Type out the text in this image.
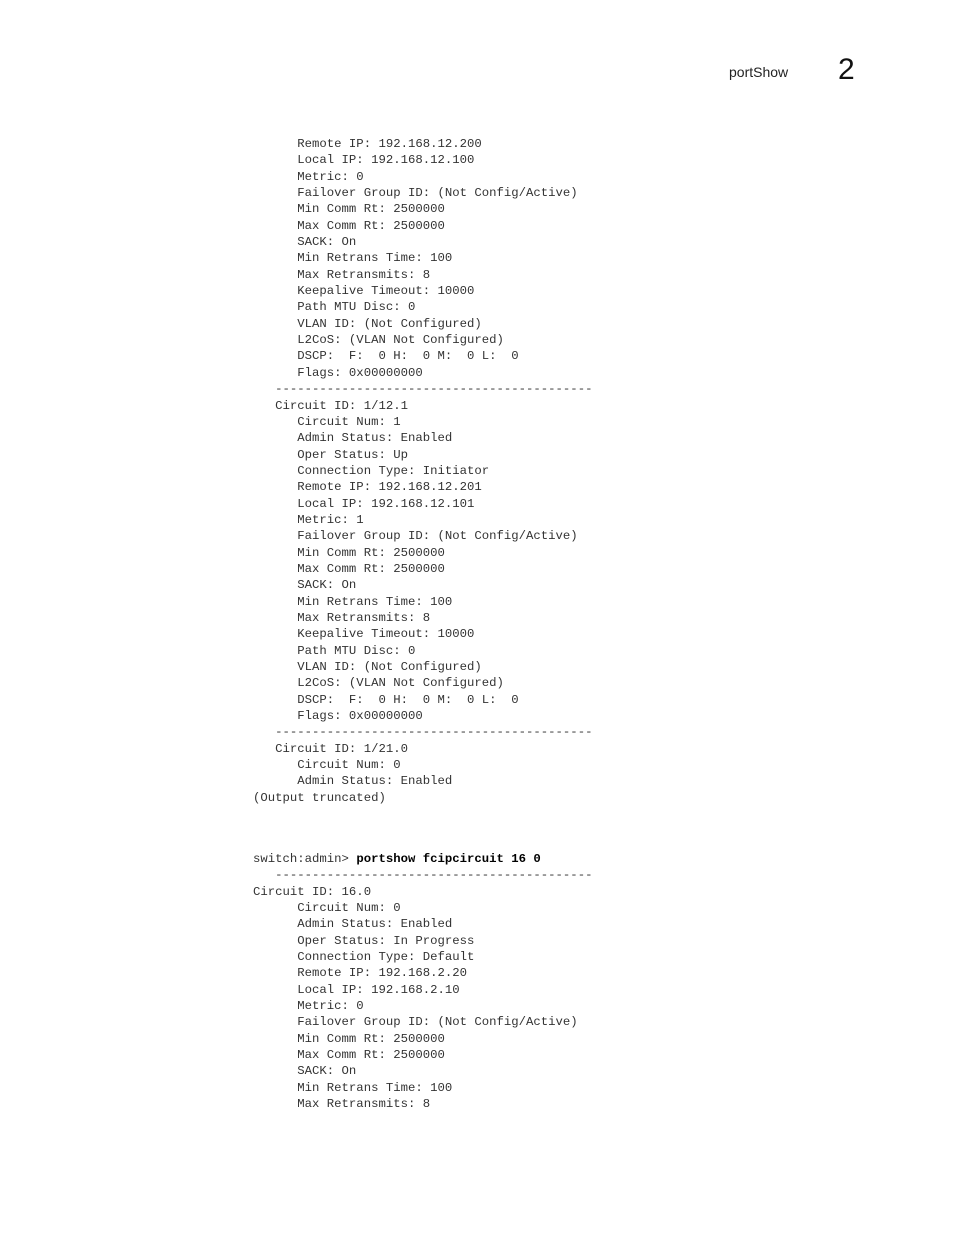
portShow 2
Remote IP: 192.168.12.200
Local IP: 192.168.12.100
Metric: 0
Failover Group ID: (Not Config/Active)
Min Comm Rt: 2500000
Max Comm Rt: 2500000
SACK: On
Min Retrans Time: 100
Max Retransmits: 8
Keepalive Timeout: 10000
Path MTU Disc: 0
VLAN ID: (Not Configured)
L2CoS: (VLAN Not Configured)
DSCP:  F:  0 H:  0 M:  0 L:  0
Flags: 0x00000000
-------------------------------------------
Circuit ID: 1/12.1
Circuit Num: 1
Admin Status: Enabled
Oper Status: Up
Connection Type: Initiator
Remote IP: 192.168.12.201
Local IP: 192.168.12.101
Metric: 1
Failover Group ID: (Not Config/Active)
Min Comm Rt: 2500000
Max Comm Rt: 2500000
SACK: On
Min Retrans Time: 100
Max Retransmits: 8
Keepalive Timeout: 10000
Path MTU Disc: 0
VLAN ID: (Not Configured)
L2CoS: (VLAN Not Configured)
DSCP:  F:  0 H:  0 M:  0 L:  0
Flags: 0x00000000
-------------------------------------------
Circuit ID: 1/21.0
Circuit Num: 0
Admin Status: Enabled
(Output truncated)
switch:admin> portshow fcipcircuit 16 0
-------------------------------------------
Circuit ID: 16.0
Circuit Num: 0
Admin Status: Enabled
Oper Status: In Progress
Connection Type: Default
Remote IP: 192.168.2.20
Local IP: 192.168.2.10
Metric: 0
Failover Group ID: (Not Config/Active)
Min Comm Rt: 2500000
Max Comm Rt: 2500000
SACK: On
Min Retrans Time: 100
Max Retransmits: 8
